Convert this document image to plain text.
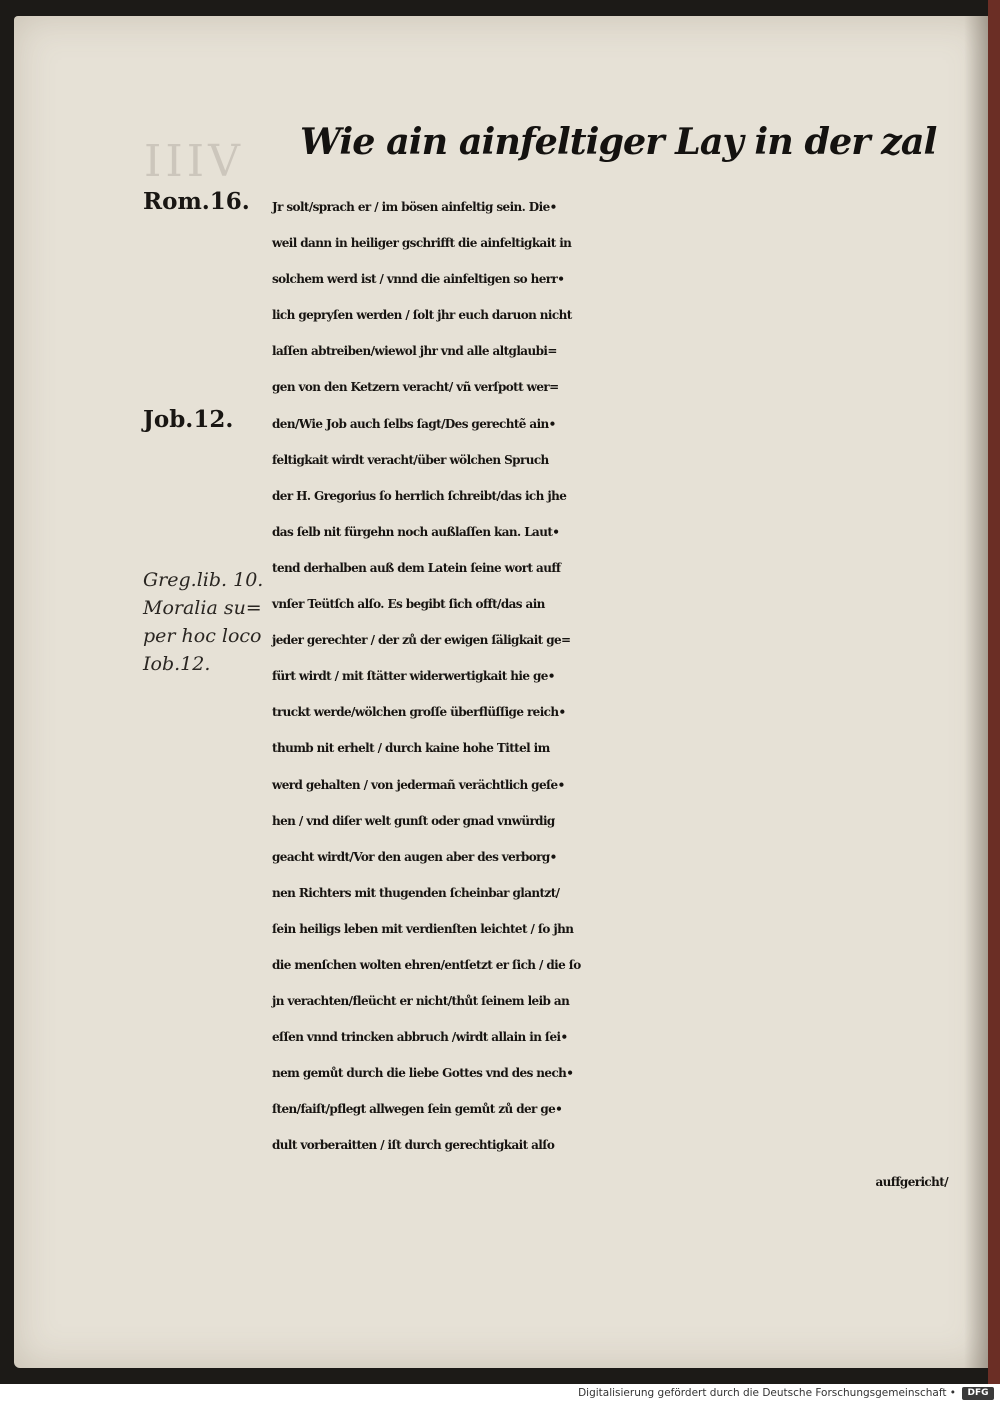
IIIV Wie ain ainfeltiger Lay in der zal
Rom.16.
Job.12.
Greg.lib. 10.
Moralia su=
per hoc loco
Iob.12.
Jr solt/sprach er / im bösen ainfeltig sein. Die•
weil dann in heiliger gschrifft die ainfeltigkait in
solchem werd ist / vnnd die ainfeltigen so herr•
lich gepryſen werden / ſolt jhr euch daruon nicht
laſſen abtreiben/wiewol jhr vnd alle altglaubi=
gen von den Ketzern veracht/ vñ verſpott wer=
den/Wie Job auch ſelbs ſagt/Des gerechtẽ ain•
feltigkait wirdt veracht/über wölchen Spruch
der H. Gregorius ſo herrlich ſchreibt/das ich jhe
das ſelb nit fürgehn noch außlaſſen kan. Laut•
tend derhalben auß dem Latein ſeine wort auff
vnſer Teütſch alſo. Es begibt ſich offt/das ain
jeder gerechter / der zů der ewigen ſäligkait ge=
fürt wirdt / mit ſtätter widerwertigkait hie ge•
truckt werde/wölchen groſſe überflüſſige reich•
thumb nit erhelt / durch kaine hohe Tittel im
werd gehalten / von jedermañ verächtlich geſe•
hen / vnd diſer welt gunſt oder gnad vnwürdig
geacht wirdt/Vor den augen aber des verborg•
nen Richters mit thugenden ſcheinbar glantzt/
ſein heiligs leben mit verdienſten leichtet / ſo jhn
die menſchen wolten ehren/entſetzt er ſich / die ſo
jn verachten/fleücht er nicht/thůt ſeinem leib an
eſſen vnnd trincken abbruch /wirdt allain in ſei•
nem gemůt durch die liebe Gottes vnd des nech•
ſten/faiſt/pflegt allwegen ſein gemůt zů der ge•
dult vorberaitten / iſt durch gerechtigkait alſo
auffgericht/
Digitalisierung gefördert durch die Deutsche Forschungsgemeinschaft •	DFG
